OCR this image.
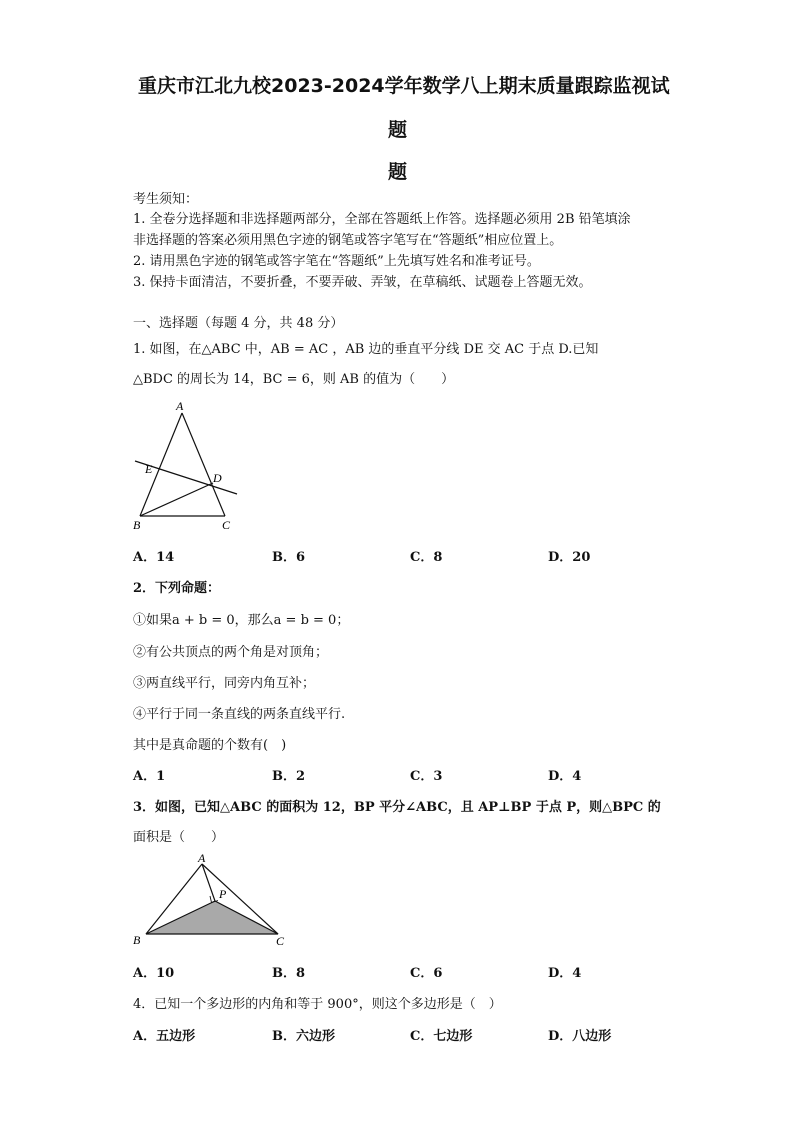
重庆市江北九校2023-2024学年数学八上期末质量跟踪监视试
题
题
考生须知：
1. 全卷分选择题和非选择题两部分，全部在答题纸上作答。选择题必须用 2B 铅笔填涂
非选择题的答案必须用黑色字迹的钢笔或答字笔写在“答题纸”相应位置上。
2. 请用黑色字迹的钢笔或答字笔在“答题纸”上先填写姓名和准考证号。
3. 保持卡面清洁，不要折叠，不要弄破、弄皱，在草稿纸、试题卷上答题无效。
一、选择题（每题 4 分，共 48 分）
1. 如图，在△ABC 中，AB = AC ，AB 边的垂直平分线 DE 交 AC 于点 D.已知
△BDC 的周长为 14，BC = 6，则 AB 的值为（　　）
A
E
D
B	C
A．14	B．6	C．8	D．20
2．下列命题：
①如果a + b = 0，那么a = b = 0；
②有公共顶点的两个角是对顶角；
③两直线平行，同旁内角互补；
④平行于同一条直线的两条直线平行.
其中是真命题的个数有(　)
A．1	B．2	C．3	D．4
3．如图，已知△ABC 的面积为 12，BP 平分∠ABC，且 AP⊥BP 于点 P，则△BPC 的
面积是（　　）
A
P
B	C
A．10	B．8	C．6	D．4
4．已知一个多边形的内角和等于 900°，则这个多边形是（　）
A．五边形	B．六边形	C．七边形	D．八边形
